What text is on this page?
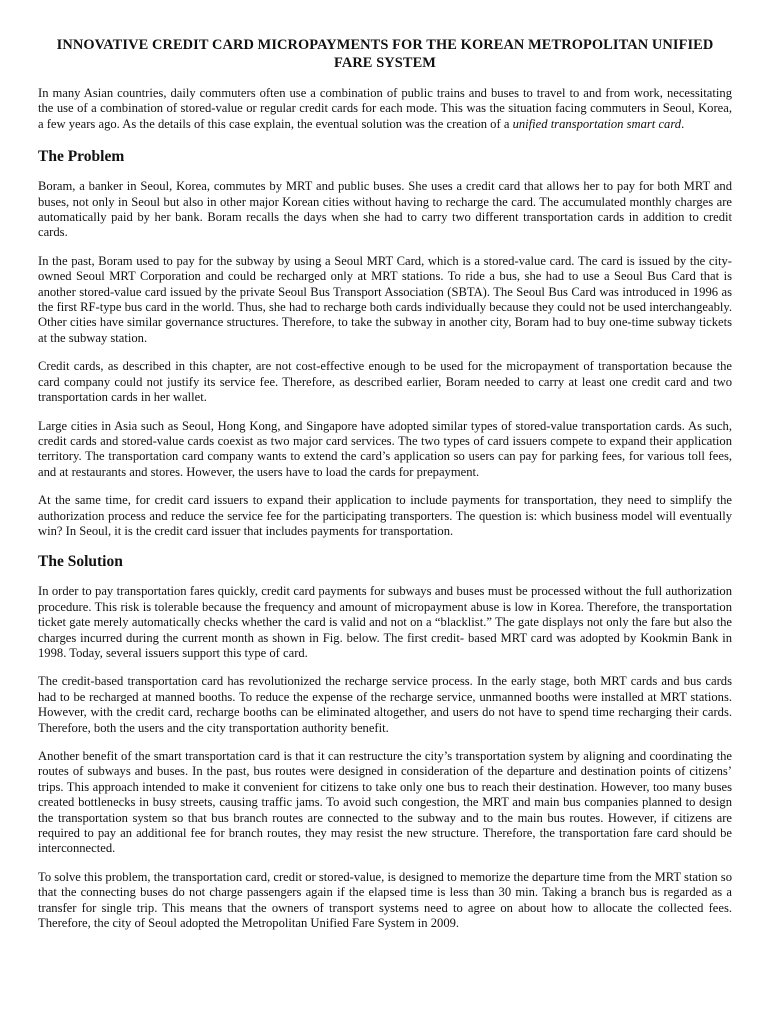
INNOVATIVE CREDIT CARD MICROPAYMENTS FOR THE KOREAN METROPOLITAN UNIFIED FARE SYSTEM

In many Asian countries, daily commuters often use a combination of public trains and buses to travel to and from work, necessitating the use of a combination of stored-value or regular credit cards for each mode. This was the situation facing commuters in Seoul, Korea, a few years ago. As the details of this case explain, the eventual solution was the creation of a unified transportation smart card.

The Problem

Boram, a banker in Seoul, Korea, commutes by MRT and public buses. She uses a credit card that allows her to pay for both MRT and buses, not only in Seoul but also in other major Korean cities without having to recharge the card. The accumulated monthly charges are automatically paid by her bank. Boram recalls the days when she had to carry two different transportation cards in addition to credit cards.

In the past, Boram used to pay for the subway by using a Seoul MRT Card, which is a stored-value card. The card is issued by the city-owned Seoul MRT Corporation and could be recharged only at MRT stations. To ride a bus, she had to use a Seoul Bus Card that is another stored-value card issued by the private Seoul Bus Transport Association (SBTA). The Seoul Bus Card was introduced in 1996 as the first RF-type bus card in the world. Thus, she had to recharge both cards individually because they could not be used interchangeably. Other cities have similar governance structures. Therefore, to take the subway in another city, Boram had to buy one-time subway tickets at the subway station.

Credit cards, as described in this chapter, are not cost-effective enough to be used for the micropayment of transportation because the card company could not justify its service fee. Therefore, as described earlier, Boram needed to carry at least one credit card and two transportation cards in her wallet.

Large cities in Asia such as Seoul, Hong Kong, and Singapore have adopted similar types of stored-value transportation cards. As such, credit cards and stored-value cards coexist as two major card services. The two types of card issuers compete to expand their application territory. The transportation card company wants to extend the card’s application so users can pay for parking fees, for various toll fees, and at restaurants and stores. However, the users have to load the cards for prepayment.

At the same time, for credit card issuers to expand their application to include payments for transportation, they need to simplify the authorization process and reduce the service fee for the participating transporters. The question is: which business model will eventually win? In Seoul, it is the credit card issuer that includes payments for transportation.

The Solution

In order to pay transportation fares quickly, credit card payments for subways and buses must be processed without the full authorization procedure. This risk is tolerable because the frequency and amount of micropayment abuse is low in Korea. Therefore, the transportation ticket gate merely automatically checks whether the card is valid and not on a “blacklist.” The gate displays not only the fare but also the charges incurred during the current month as shown in Fig. below. The first credit- based MRT card was adopted by Kookmin Bank in 1998. Today, several issuers support this type of card.

The credit-based transportation card has revolutionized the recharge service process. In the early stage, both MRT cards and bus cards had to be recharged at manned booths. To reduce the expense of the recharge service, unmanned booths were installed at MRT stations. However, with the credit card, recharge booths can be eliminated altogether, and users do not have to spend time recharging their cards. Therefore, both the users and the city transportation authority benefit.

Another benefit of the smart transportation card is that it can restructure the city’s transportation system by aligning and coordinating the routes of subways and buses. In the past, bus routes were designed in consideration of the departure and destination points of citizens’ trips. This approach intended to make it convenient for citizens to take only one bus to reach their destination. However, too many buses created bottlenecks in busy streets, causing traffic jams. To avoid such congestion, the MRT and main bus companies planned to design the transportation system so that bus branch routes are connected to the subway and to the main bus routes. However, if citizens are required to pay an additional fee for branch routes, they may resist the new structure. Therefore, the transportation fare card should be interconnected.

To solve this problem, the transportation card, credit or stored-value, is designed to memorize the departure time from the MRT station so that the connecting buses do not charge passengers again if the elapsed time is less than 30 min. Taking a branch bus is regarded as a transfer for single trip. This means that the owners of transport systems need to agree on about how to allocate the collected fees. Therefore, the city of Seoul adopted the Metropolitan Unified Fare System in 2009.
